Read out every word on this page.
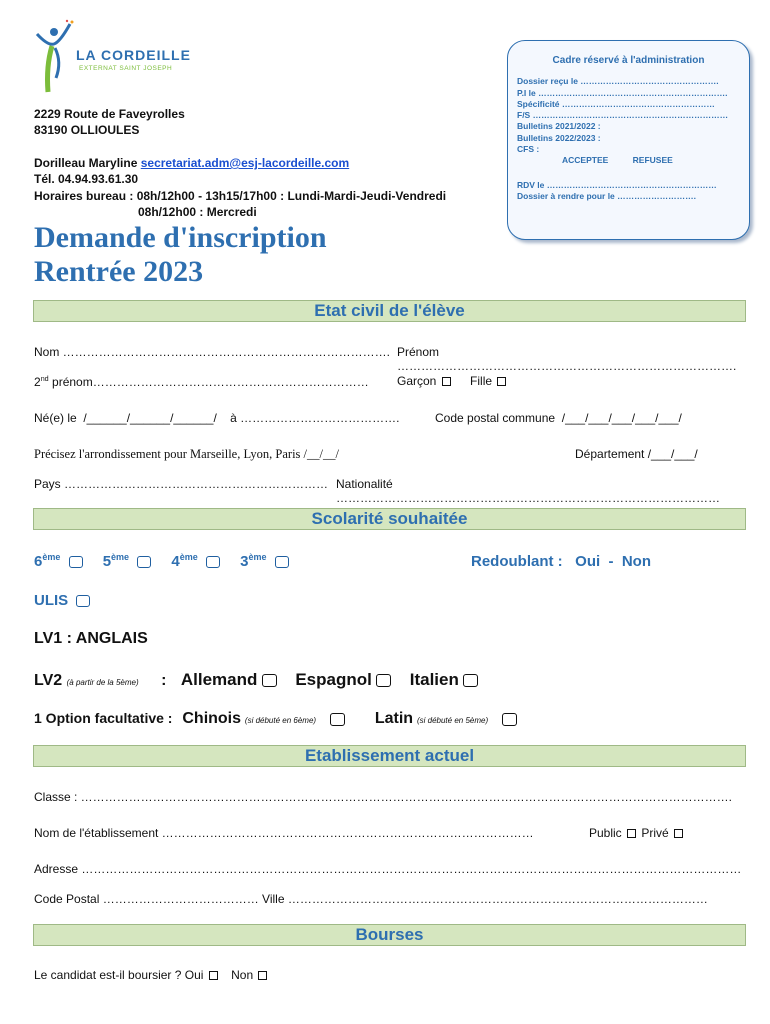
LA CORDEILLE
EXTERNAT SAINT JOSEPH
2229 Route de Faveyrolles
83190 OLLIOULES
Dorilleau Maryline secretariat.adm@esj-lacordeille.com
Tél. 04.94.93.61.30
Horaires bureau : 08h/12h00 - 13h15/17h00 : Lundi-Mardi-Jeudi-Vendredi
08h/12h00 : Mercredi
Cadre réservé à l'administration
Dossier reçu le ………………………………………….
P.I le ………………………………………………………….
Spécificité ………………………………………………
F/S ……………………………………………………………
Bulletins 2021/2022 :
Bulletins 2022/2023 :
CFS :
ACCEPTEE	REFUSEE
RDV le ……………………………………………………
Dossier à rendre pour le ……………………….
Demande d'inscription
Rentrée 2023
Etat civil de l'élève
Nom ………………………………………………………………………. Prénom ………………………………………………………………………….
2nd prénom…………………………………………………………… Garçon	Fille
Né(e) le  /______/______/______/    à ………………………………….	Code postal commune  /___/___/___/___/___/
Précisez l'arrondissement pour Marseille, Lyon, Paris /__/__/	Département /___/___/
Pays ………………………………………………………… Nationalité ……………………………………………………………………………………
Scolarité souhaitée
6ème	5ème	4ème	3ème	Redoublant :   Oui  -  Non
ULIS
LV1 : ANGLAIS
LV2 (à partir de la 5ème) : Allemand Espagnol Italien
1 Option facultative : Chinois (si débuté en 6ème)	Latin (si débuté en 5ème)
Etablissement actuel
Classe : ……………………………………………………………………………………………………………………………………………….
Nom de l'établissement …………………………………………………………………………………	Public Privé
Adresse …………………………………………………………………………………………………………………………………………………
Code Postal ………………………………… Ville ……………………………………………………………………………………………
Bourses
Le candidat est-il boursier ? Oui Non
